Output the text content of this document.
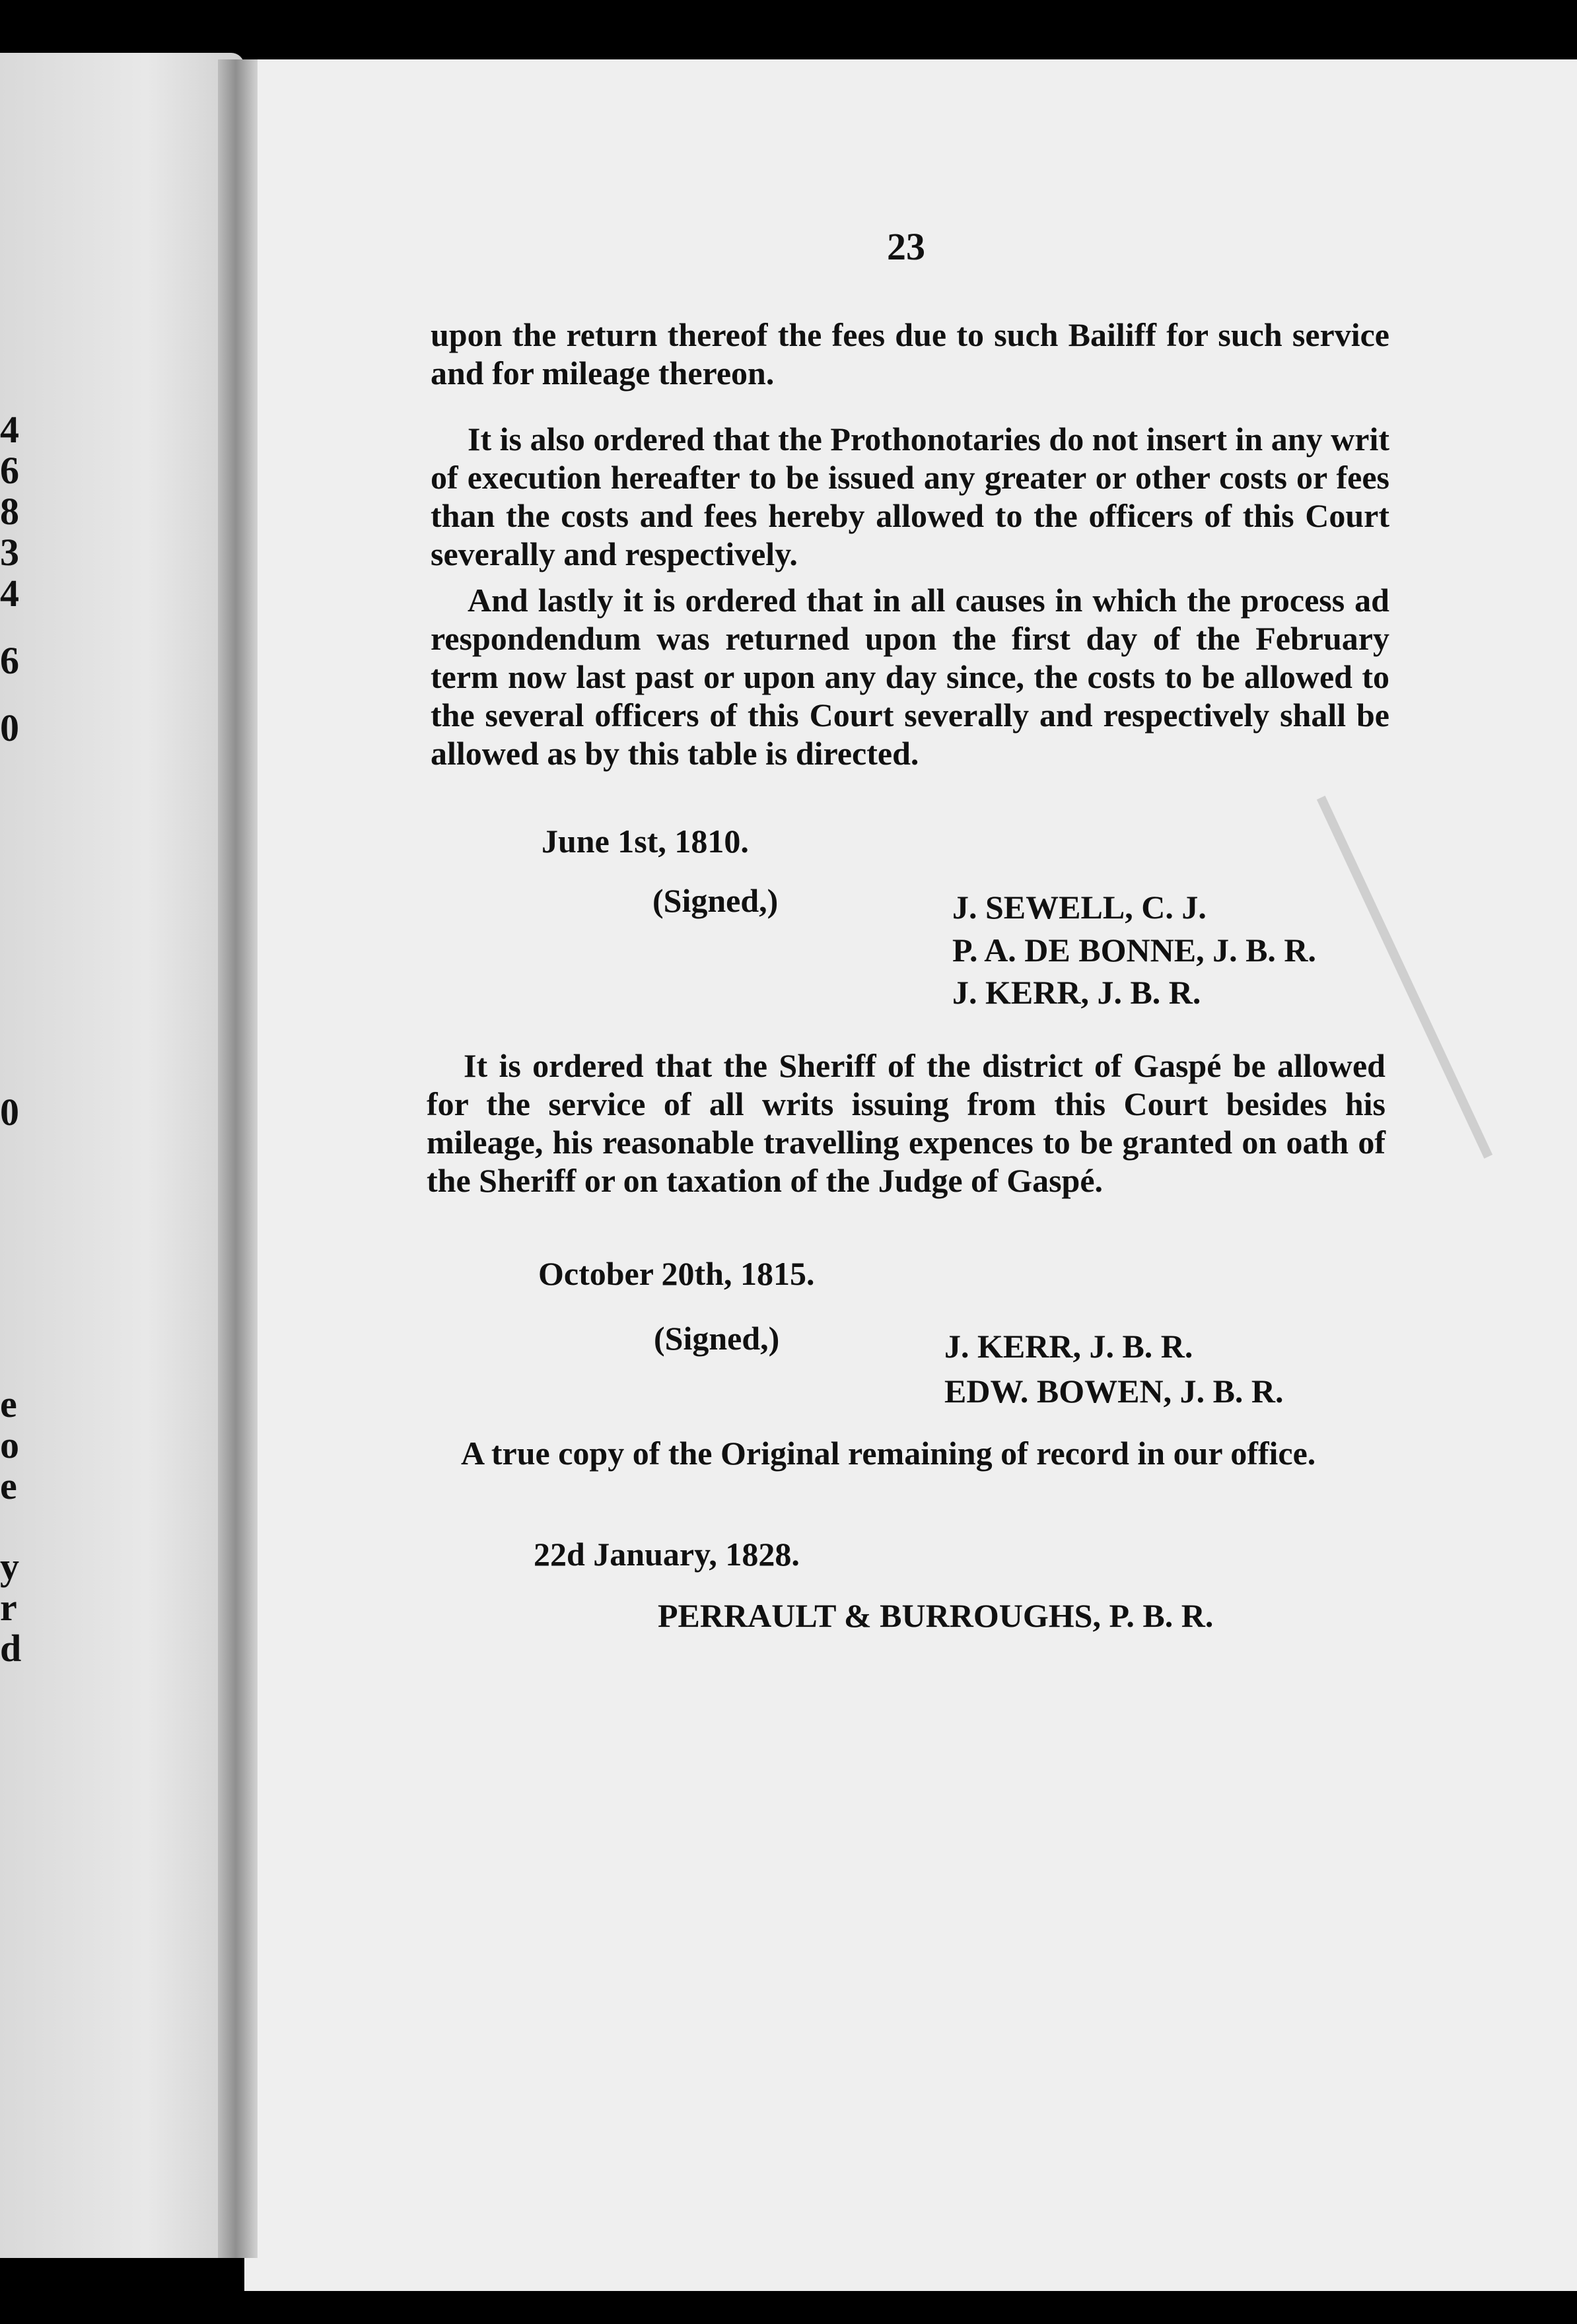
4
6
8
3
4
6
0
0
e
o
e
y
r
d
23

upon the return thereof the fees due to such Bailiff for such service and for mileage thereon.

It is also ordered that the Prothonotaries do not insert in any writ of execution hereafter to be issued any greater or other costs or fees than the costs and fees hereby allowed to the officers of this Court severally and respectively.

And lastly it is ordered that in all causes in which the process ad respondendum was returned upon the first day of the February term now last past or upon any day since, the costs to be allowed to the several officers of this Court severally and respectively shall be allowed as by this table is directed.

June 1st, 1810.
(Signed,)	J. SEWELL, C. J.
P. A. DE BONNE, J. B. R.
J. KERR, J. B. R.

It is ordered that the Sheriff of the district of Gaspé be allowed for the service of all writs issuing from this Court besides his mileage, his reasonable travelling expences to be granted on oath of the Sheriff or on taxation of the Judge of Gaspé.

October 20th, 1815.
(Signed,)	J. KERR, J. B. R.
EDW. BOWEN, J. B. R.

A true copy of the Original remaining of record in our office.

22d January, 1828.
PERRAULT & BURROUGHS, P. B. R.
